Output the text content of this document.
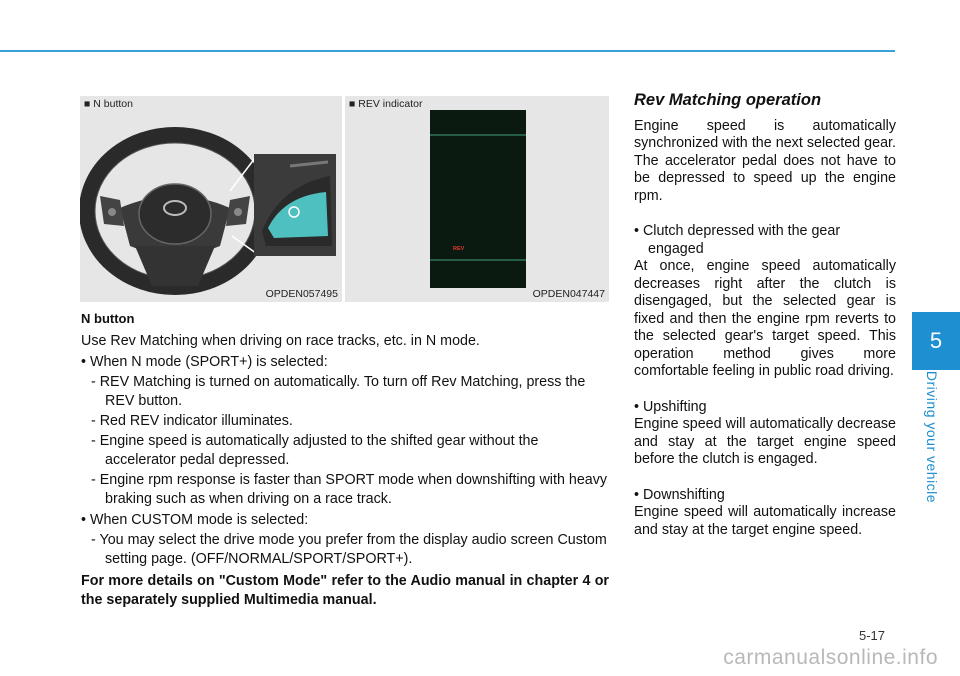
5
Driving your vehicle
■ N button
OPDEN057495
REV
■ REV indicator
OPDEN047447

N button

Use Rev Matching when driving on race tracks, etc. in N mode.

• When N mode (SPORT+) is selected:

- REV Matching is turned on automatically. To turn off Rev Matching, press the REV button.

- Red REV indicator illuminates.

- Engine speed is automatically adjusted to the shifted gear without the accelerator pedal depressed.

- Engine rpm response is faster than SPORT mode when downshifting with heavy braking such as when driving on a race track.

• When CUSTOM mode is selected:

- You may select the drive mode you prefer from the display audio screen Custom setting page. (OFF/NORMAL/SPORT/SPORT+).

For more details on "Custom Mode" refer to the Audio manual in chapter 4 or the separately supplied Multimedia manual.

Rev Matching operation

Engine speed is automatically synchronized with the next selected gear. The accelerator pedal does not have to be depressed to speed up the engine rpm.

• Clutch depressed with the gear engaged

At once, engine speed automatically decreases right after the clutch is disengaged, but the selected gear is fixed and then the engine rpm reverts to the selected gear's target speed. This operation method gives more comfortable feeling in public road driving.

• Upshifting

Engine speed will automatically decrease and stay at the target engine speed before the clutch is engaged.

• Downshifting

Engine speed will automatically increase and stay at the target engine speed.

5-17
carmanualsonline.info
